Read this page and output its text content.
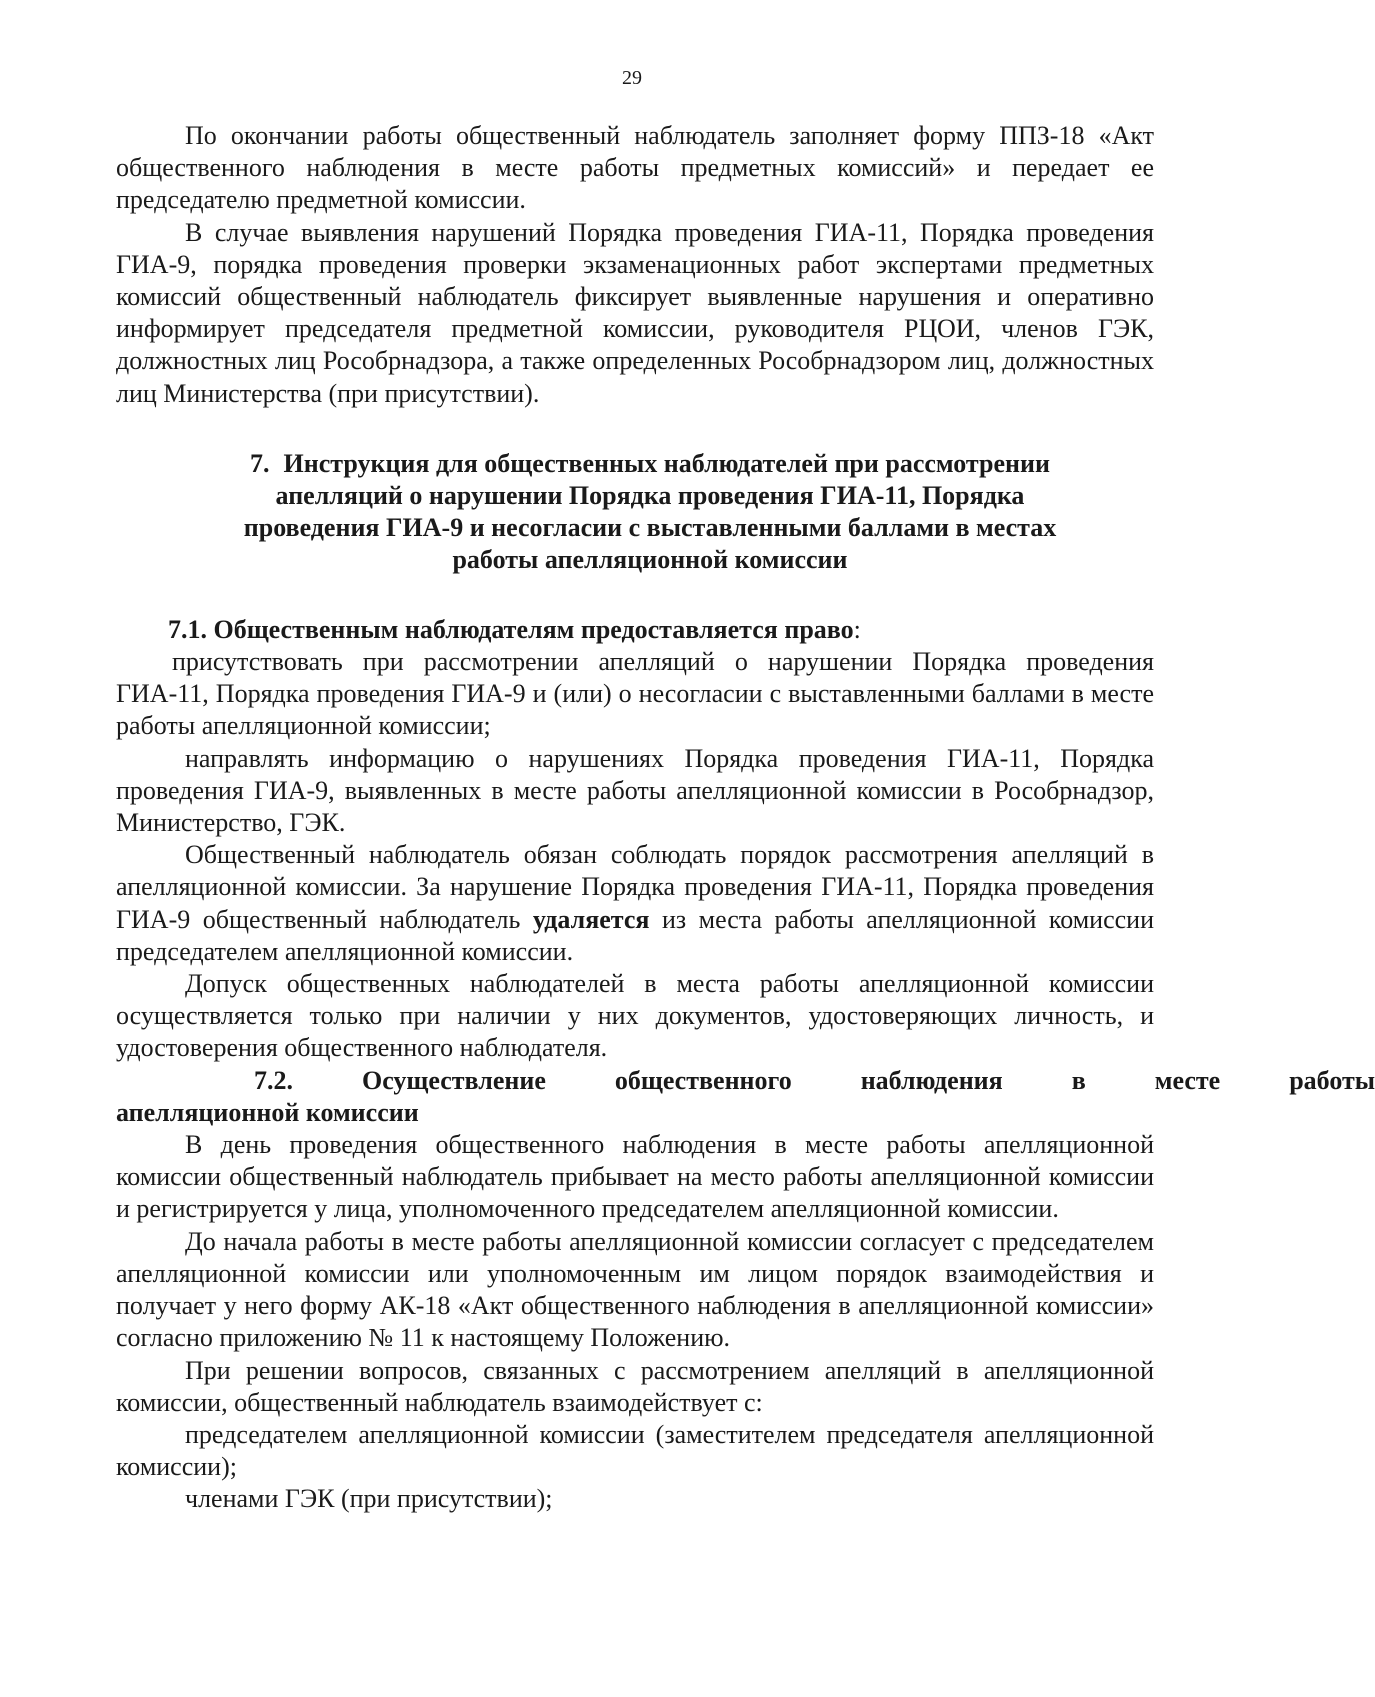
29

По окончании работы общественный наблюдатель заполняет форму ППЗ-18 «Акт общественного наблюдения в месте работы предметных комиссий» и передает ее председателю предметной комиссии.

В случае выявления нарушений Порядка проведения ГИА-11, Порядка проведения ГИА-9, порядка проведения проверки экзаменационных работ экспертами предметных комиссий общественный наблюдатель фиксирует выявленные нарушения и оперативно информирует председателя предметной комиссии, руководителя РЦОИ, членов ГЭК, должностных лиц Рособрнадзора, а также определенных Рособрнадзором лиц, должностных лиц Министерства (при присутствии).

7. Инструкция для общественных наблюдателей при рассмотрении апелляций о нарушении Порядка проведения ГИА-11, Порядка проведения ГИА-9 и несогласии с выставленными баллами в местах работы апелляционной комиссии
7.1. Общественным наблюдателям предоставляется право:

присутствовать при рассмотрении апелляций о нарушении Порядка проведения ГИА-11, Порядка проведения ГИА-9 и (или) о несогласии с выставленными баллами в месте работы апелляционной комиссии;

направлять информацию о нарушениях Порядка проведения ГИА-11, Порядка проведения ГИА-9, выявленных в месте работы апелляционной комиссии в Рособрнадзор, Министерство, ГЭК.

Общественный наблюдатель обязан соблюдать порядок рассмотрения апелляций в апелляционной комиссии. За нарушение Порядка проведения ГИА-11, Порядка проведения ГИА-9 общественный наблюдатель удаляется из места работы апелляционной комиссии председателем апелляционной комиссии.

Допуск общественных наблюдателей в места работы апелляционной комиссии осуществляется только при наличии у них документов, удостоверяющих личность, и удостоверения общественного наблюдателя.

7.2.	Осуществление	общественного	наблюдения	в	месте	работы
апелляционной комиссии

В день проведения общественного наблюдения в месте работы апелляционной комиссии общественный наблюдатель прибывает на место работы апелляционной комиссии и регистрируется у лица, уполномоченного председателем апелляционной комиссии.

До начала работы в месте работы апелляционной комиссии согласует с председателем апелляционной комиссии или уполномоченным им лицом порядок взаимодействия и получает у него форму АК-18 «Акт общественного наблюдения в апелляционной комиссии» согласно приложению № 11 к настоящему Положению.

При решении вопросов, связанных с рассмотрением апелляций в апелляционной комиссии, общественный наблюдатель взаимодействует с:

председателем апелляционной комиссии (заместителем председателя апелляционной комиссии);

членами ГЭК (при присутствии);
